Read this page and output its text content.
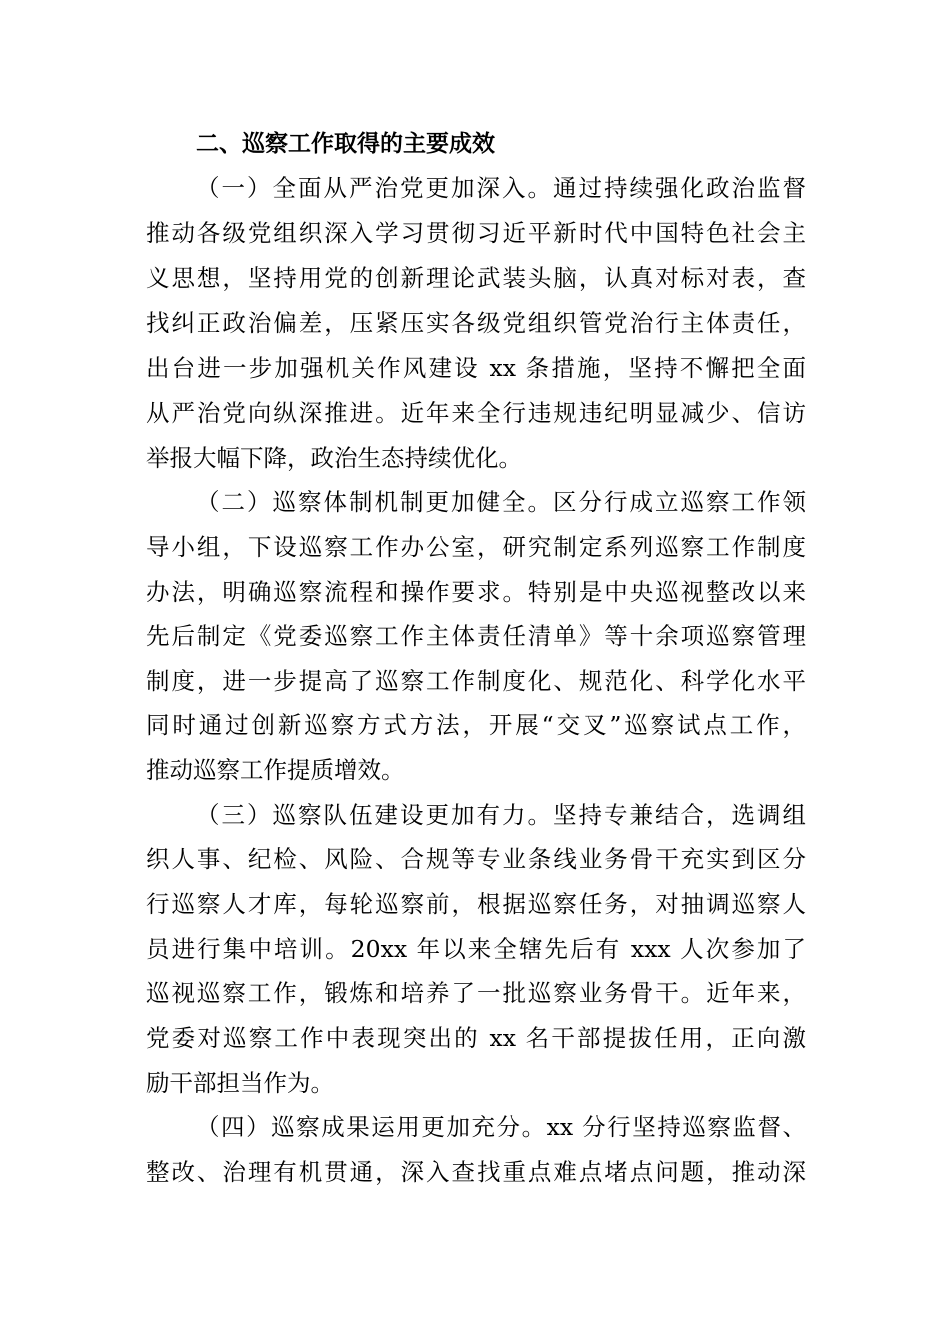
二、巡察工作取得的主要成效
（一）全面从严治党更加深入。通过持续强化政治监督
推动各级党组织深入学习贯彻习近平新时代中国特色社会主
义思想，坚持用党的创新理论武装头脑，认真对标对表，查
找纠正政治偏差，压紧压实各级党组织管党治行主体责任，
出台进一步加强机关作风建设 xx 条措施，坚持不懈把全面
从严治党向纵深推进。近年来全行违规违纪明显减少、信访
举报大幅下降，政治生态持续优化。
（二）巡察体制机制更加健全。区分行成立巡察工作领
导小组，下设巡察工作办公室，研究制定系列巡察工作制度
办法，明确巡察流程和操作要求。特别是中央巡视整改以来
先后制定《党委巡察工作主体责任清单》等十余项巡察管理
制度，进一步提高了巡察工作制度化、规范化、科学化水平
同时通过创新巡察方式方法，开展“交叉”巡察试点工作，
推动巡察工作提质增效。
（三）巡察队伍建设更加有力。坚持专兼结合，选调组
织人事、纪检、风险、合规等专业条线业务骨干充实到区分
行巡察人才库，每轮巡察前，根据巡察任务，对抽调巡察人
员进行集中培训。20xx 年以来全辖先后有 xxx 人次参加了
巡视巡察工作，锻炼和培养了一批巡察业务骨干。近年来，
党委对巡察工作中表现突出的 xx 名干部提拔任用，正向激
励干部担当作为。
（四）巡察成果运用更加充分。xx 分行坚持巡察监督、
整改、治理有机贯通，深入查找重点难点堵点问题，推动深
